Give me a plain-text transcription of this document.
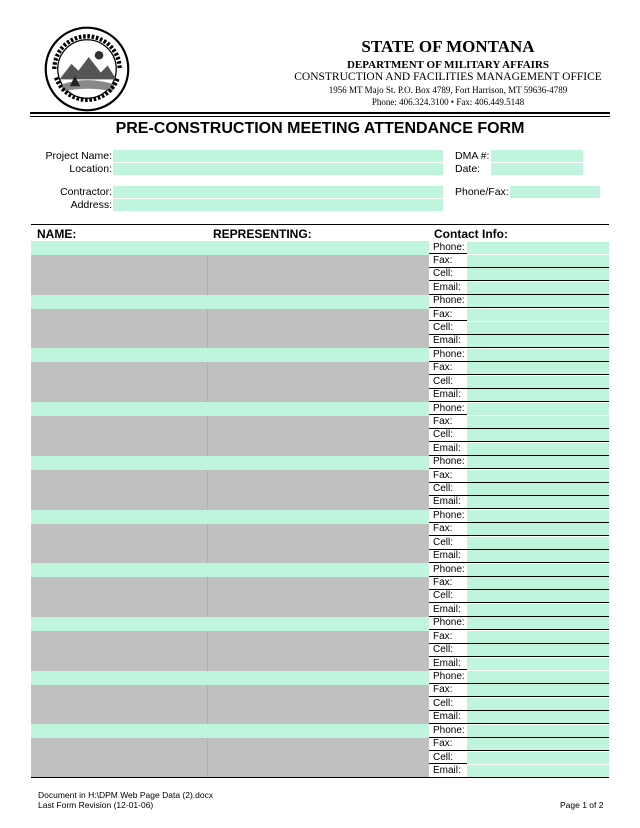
STATE OF MONTANA
DEPARTMENT OF MILITARY AFFAIRS
CONSTRUCTION AND FACILITIES MANAGEMENT OFFICE
1956 MT Majo St. P.O. Box 4789, Fort Harrison, MT 59636-4789
Phone: 406.324.3100 • Fax: 406.449.5148
PRE-CONSTRUCTION MEETING ATTENDANCE FORM
Project Name:
Location:
DMA #:
Date:
Contractor:
Address:
Phone/Fax:
NAME:	REPRESENTING:	Contact Info:
Phone:
Fax:
Cell:
Email:
Phone:
Fax:
Cell:
Email:
Phone:
Fax:
Cell:
Email:
Phone:
Fax:
Cell:
Email:
Phone:
Fax:
Cell:
Email:
Phone:
Fax:
Cell:
Email:
Phone:
Fax:
Cell:
Email:
Phone:
Fax:
Cell:
Email:
Phone:
Fax:
Cell:
Email:
Phone:
Fax:
Cell:
Email:
Document in H:\DPM Web Page Data (2).docx
Last Form Revision (12-01-06)	Page 1 of 2
